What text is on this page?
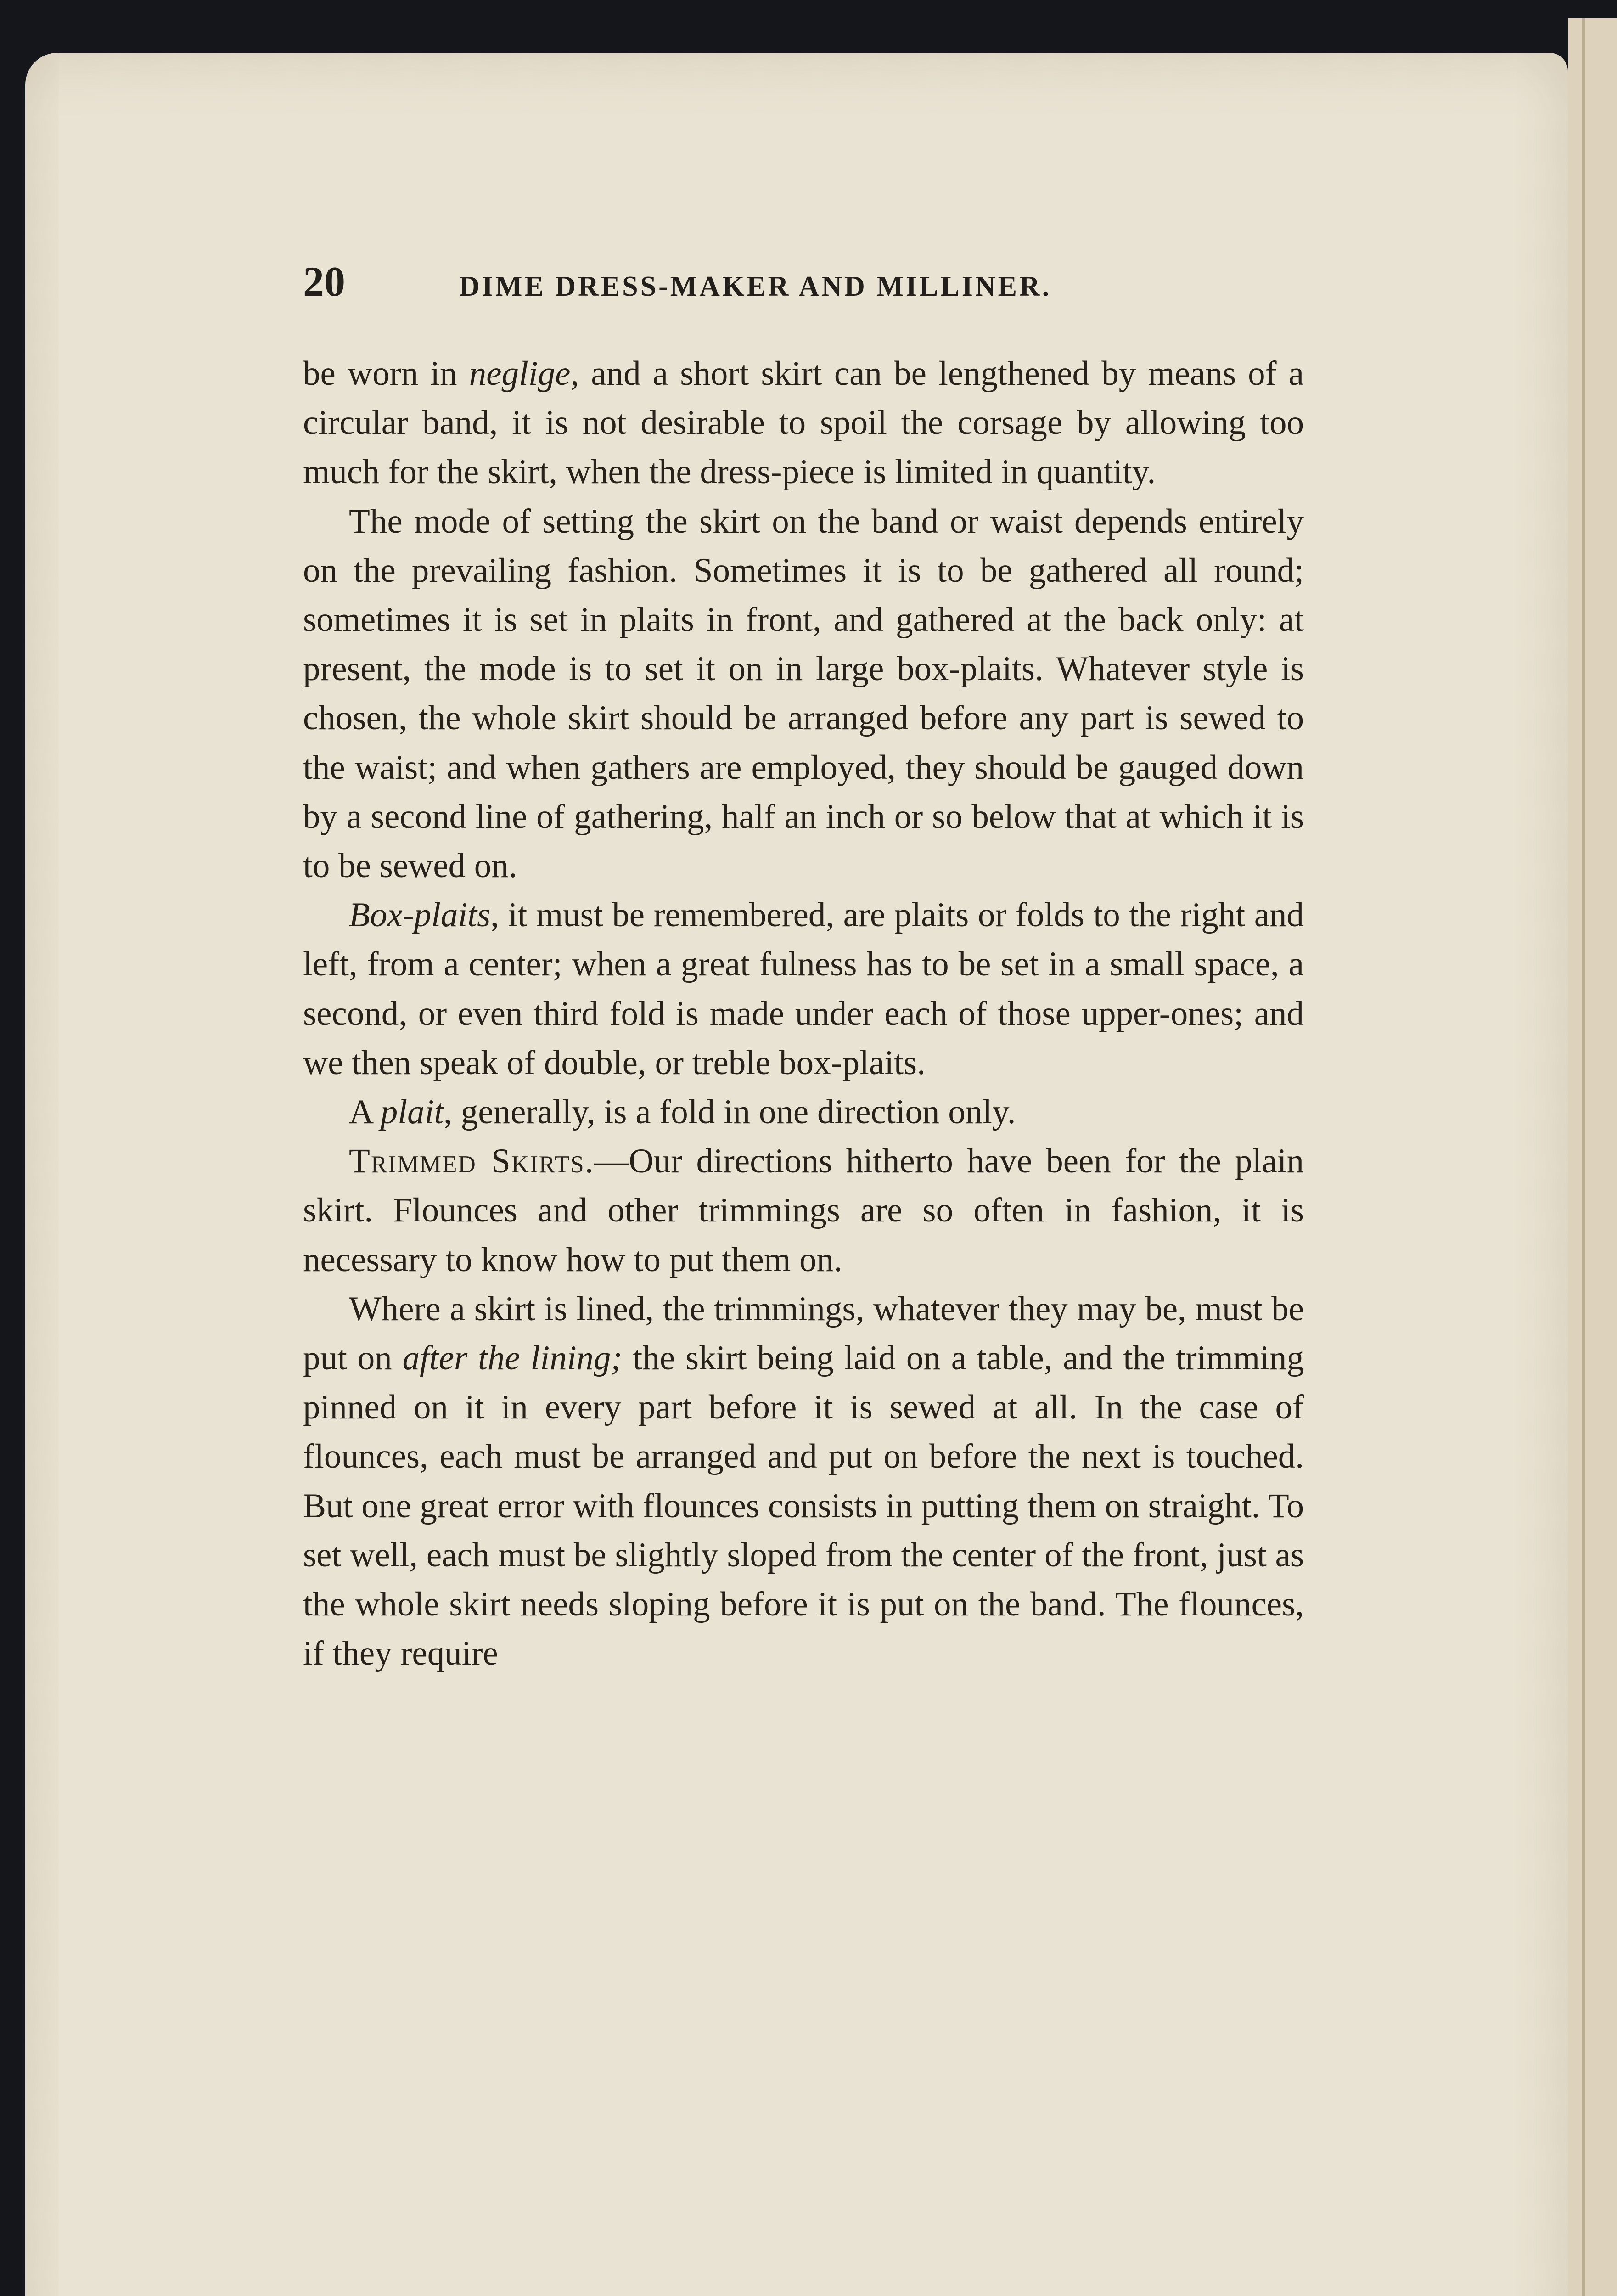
20	DIME DRESS-MAKER AND MILLINER.

be worn in neglige, and a short skirt can be lengthened by means of a circular band, it is not desirable to spoil the corsage by allowing too much for the skirt, when the dress-piece is limited in quantity.

The mode of setting the skirt on the band or waist depends entirely on the prevailing fashion. Sometimes it is to be gathered all round; sometimes it is set in plaits in front, and gathered at the back only: at present, the mode is to set it on in large box-plaits. Whatever style is chosen, the whole skirt should be arranged before any part is sewed to the waist; and when gathers are employed, they should be gauged down by a second line of gathering, half an inch or so below that at which it is to be sewed on.

Box-plaits, it must be remembered, are plaits or folds to the right and left, from a center; when a great fulness has to be set in a small space, a second, or even third fold is made under each of those upper-ones; and we then speak of double, or treble box-plaits.

A plait, generally, is a fold in one direction only.

Trimmed Skirts.—Our directions hitherto have been for the plain skirt. Flounces and other trimmings are so often in fashion, it is necessary to know how to put them on.

Where a skirt is lined, the trimmings, whatever they may be, must be put on after the lining; the skirt being laid on a table, and the trimming pinned on it in every part before it is sewed at all. In the case of flounces, each must be arranged and put on before the next is touched. But one great error with flounces consists in putting them on straight. To set well, each must be slightly sloped from the center of the front, just as the whole skirt needs sloping before it is put on the band. The flounces, if they require
